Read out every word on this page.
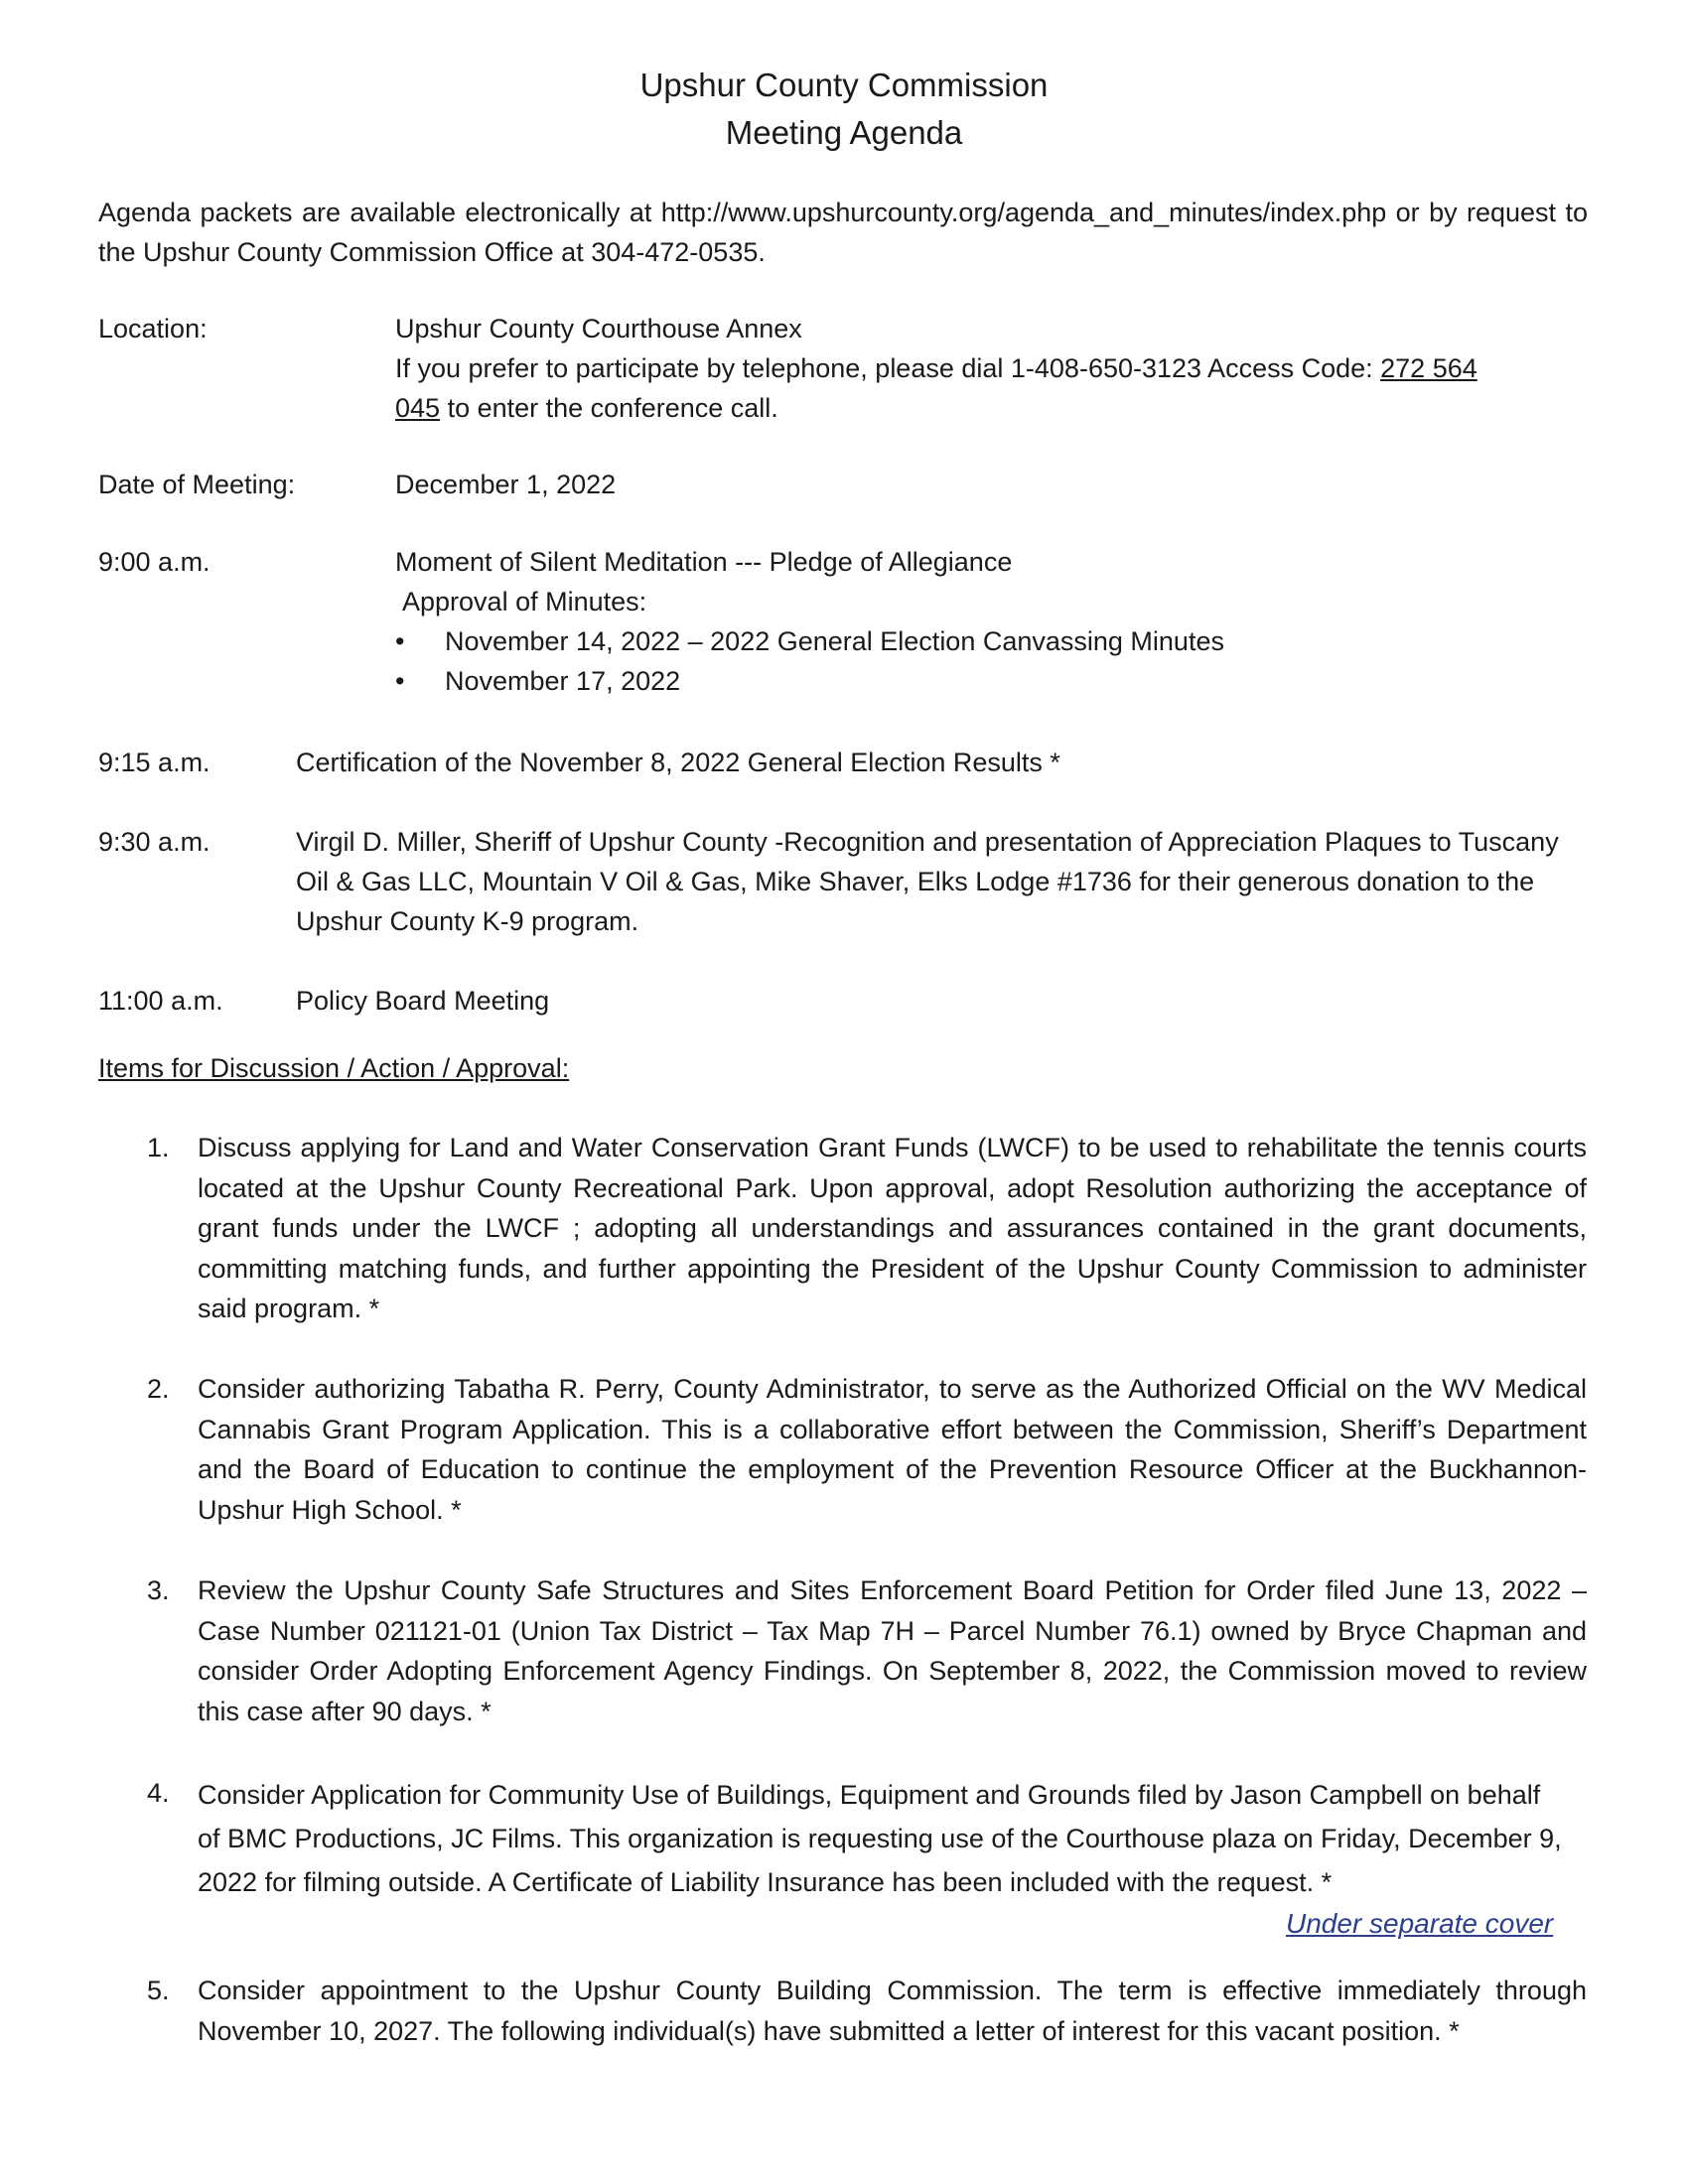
Upshur County Commission
Meeting Agenda
Agenda packets are available electronically at http://www.upshurcounty.org/agenda_and_minutes/index.php or by request to the Upshur County Commission Office at 304-472-0535.
Location:	Upshur County Courthouse Annex
If you prefer to participate by telephone, please dial 1-408-650-3123 Access Code: 272 564
045 to enter the conference call.
Date of Meeting:	December 1, 2022
9:00 a.m.	Moment of Silent Meditation --- Pledge of Allegiance
Approval of Minutes:
• November 14, 2022 – 2022 General Election Canvassing Minutes
• November 17, 2022
9:15 a.m.	Certification of the November 8, 2022 General Election Results *
9:30 a.m.	Virgil D. Miller, Sheriff of Upshur County -Recognition and presentation of Appreciation Plaques to Tuscany Oil & Gas LLC, Mountain V Oil & Gas, Mike Shaver, Elks Lodge #1736 for their generous donation to the Upshur County K-9 program.
11:00 a.m.	Policy Board Meeting
Items for Discussion / Action / Approval:
1. Discuss applying for Land and Water Conservation Grant Funds (LWCF) to be used to rehabilitate the tennis courts located at the Upshur County Recreational Park. Upon approval, adopt Resolution authorizing the acceptance of grant funds under the LWCF ; adopting all understandings and assurances contained in the grant documents, committing matching funds, and further appointing the President of the Upshur County Commission to administer said program. *
2. Consider authorizing Tabatha R. Perry, County Administrator, to serve as the Authorized Official on the WV Medical Cannabis Grant Program Application. This is a collaborative effort between the Commission, Sheriff’s Department and the Board of Education to continue the employment of the Prevention Resource Officer at the Buckhannon-Upshur High School. *
3. Review the Upshur County Safe Structures and Sites Enforcement Board Petition for Order filed June 13, 2022 – Case Number 021121-01 (Union Tax District – Tax Map 7H – Parcel Number 76.1) owned by Bryce Chapman and consider Order Adopting Enforcement Agency Findings. On September 8, 2022, the Commission moved to review this case after 90 days. *
4. Consider Application for Community Use of Buildings, Equipment and Grounds filed by Jason Campbell on behalf of BMC Productions, JC Films. This organization is requesting use of the Courthouse plaza on Friday, December 9, 2022 for filming outside. A Certificate of Liability Insurance has been included with the request. *
Under separate cover
5. Consider appointment to the Upshur County Building Commission. The term is effective immediately through November 10, 2027. The following individual(s) have submitted a letter of interest for this vacant position. *
